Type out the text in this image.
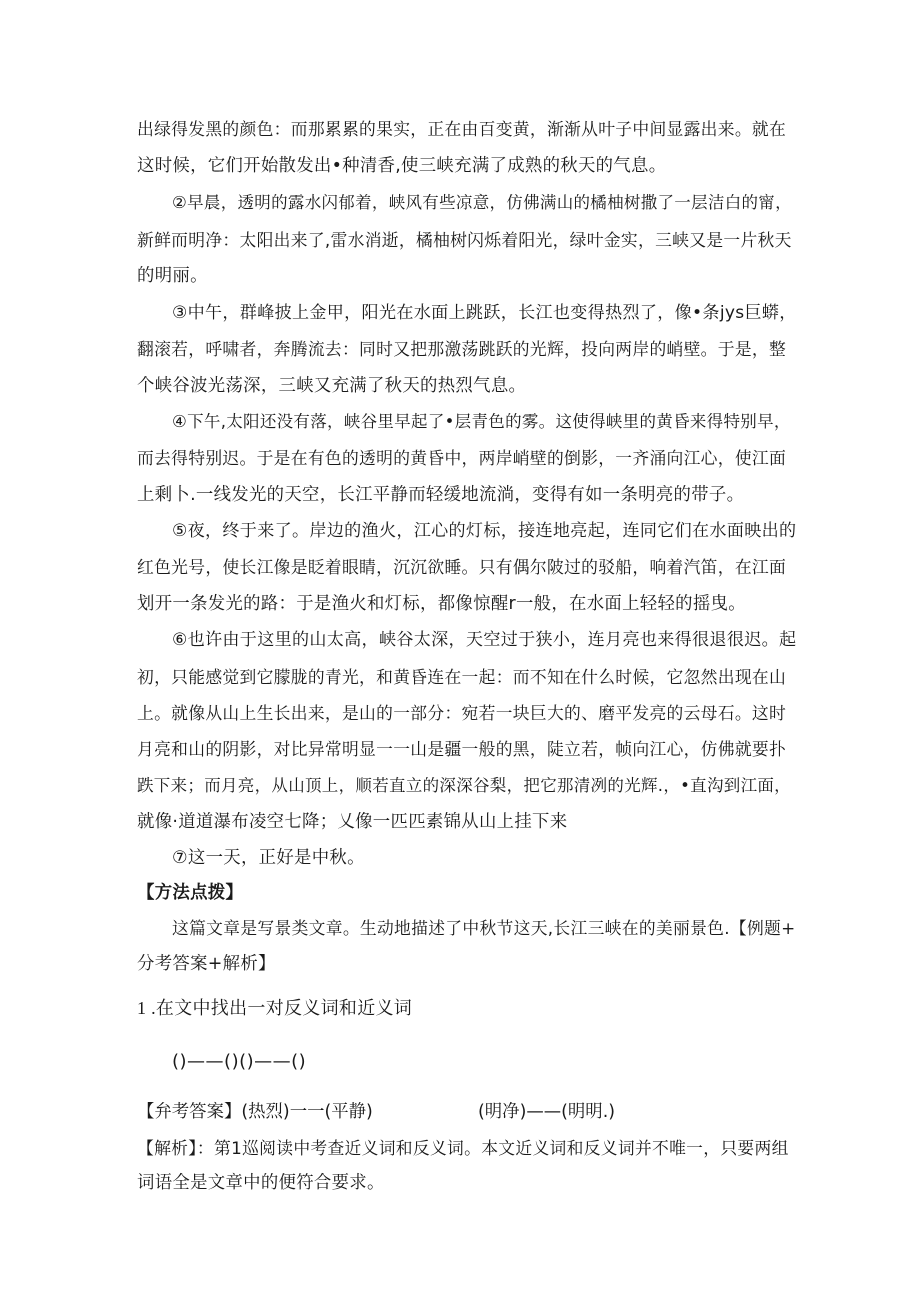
出绿得发黑的颜色：而那累累的果实，正在由百变黄，渐渐从叶子中间显露出来。就在
这时候，它们开始散发出•种清香,使三峡充满了成熟的秋天的气息。
②早晨，透明的露水闪郁着，峡风有些凉意，仿佛满山的橘柚树撒了一层洁白的甯，
新鲜而明净：太阳出来了,雷水消逝，橘柚树闪烁着阳光，绿叶金实，三峡又是一片秋天
的明丽。
③中午，群峰披上金甲，阳光在水面上跳跃，长江也变得热烈了，像•条jys巨蟒，
翻滚若，呼啸者，奔腾流去：同时又把那激荡跳跃的光辉，投向两岸的峭壁。于是，整
个峡谷波光荡深，三峡又充满了秋天的热烈气息。
④下午,太阳还没有落，峡谷里早起了•层青色的雾。这使得峡里的黄昏来得特别早，
而去得特别迟。于是在有色的透明的黄昏中，两岸峭壁的倒影，一齐涌向江心，使江面
上剩卜.一线发光的天空，长江平静而轻缓地流淌，变得有如一条明亮的带子。
⑤夜，终于来了。岸边的渔火，江心的灯标，接连地亮起，连同它们在水面映出的
红色光号，使长江像是眨着眼睛，沉沉欲睡。只有偶尔陂过的驳船，响着汽笛，在江面
划开一条发光的路：于是渔火和灯标，都像惊醒r一般，在水面上轻轻的摇曳。
⑥也许由于这里的山太高，峡谷太深，天空过于狭小，连月亮也来得很退很迟。起
初，只能感觉到它朦胧的青光，和黄昏连在一起：而不知在什么时候，它忽然出现在山
上。就像从山上生长出来，是山的一部分：宛若一块巨大的、磨平发亮的云母石。这时
月亮和山的阴影，对比异常明显一一山是疆一般的黑，陡立若，帧向江心，仿佛就要扑
跌下来；而月亮，从山顶上，顺若直立的深深谷梨，把它那清冽的光辉.，•直沟到江面，
就像·道道瀑布凌空七降；乂像一匹匹素锦从山上挂下来
⑦这一天，正好是中秋。
【方法点拨】
这篇文章是写景类文章。生动地描述了中秋节这天,长江三峡在的美丽景色.【例题+
分考答案+解析】
1 .在文中找出一对反义词和近义词
()——()()——()
【弁考答案】(热烈)一一(平静)	(明净)——(明明.)
【解析】：第1巡阅读中考查近义词和反义词。本文近义词和反义词并不唯一，只要两组
词语全是文章中的便符合要求。
